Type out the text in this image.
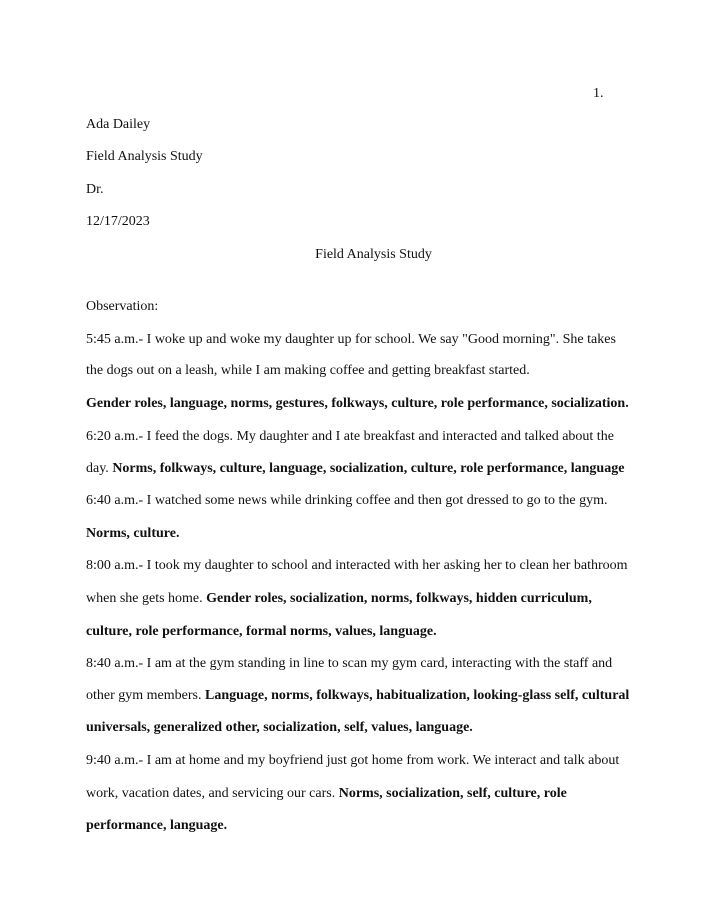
1.
Ada Dailey
Field Analysis Study
Dr.
12/17/2023
Field Analysis Study
Observation:
5:45 a.m.- I woke up and woke my daughter up for school. We say "Good morning". She takes
the dogs out on a leash, while I am making coffee and getting breakfast started.
Gender roles, language, norms, gestures, folkways, culture, role performance, socialization.
6:20 a.m.- I feed the dogs. My daughter and I ate breakfast and interacted and talked about the
day. Norms, folkways, culture, language, socialization, culture, role performance, language
6:40 a.m.- I watched some news while drinking coffee and then got dressed to go to the gym.
Norms, culture.
8:00 a.m.- I took my daughter to school and interacted with her asking her to clean her bathroom
when she gets home. Gender roles, socialization, norms, folkways, hidden curriculum,
culture, role performance, formal norms, values, language.
8:40 a.m.- I am at the gym standing in line to scan my gym card, interacting with the staff and
other gym members. Language, norms, folkways, habitualization, looking-glass self, cultural
universals, generalized other, socialization, self, values, language.
9:40 a.m.- I am at home and my boyfriend just got home from work. We interact and talk about
work, vacation dates, and servicing our cars. Norms, socialization, self, culture, role
performance, language.
